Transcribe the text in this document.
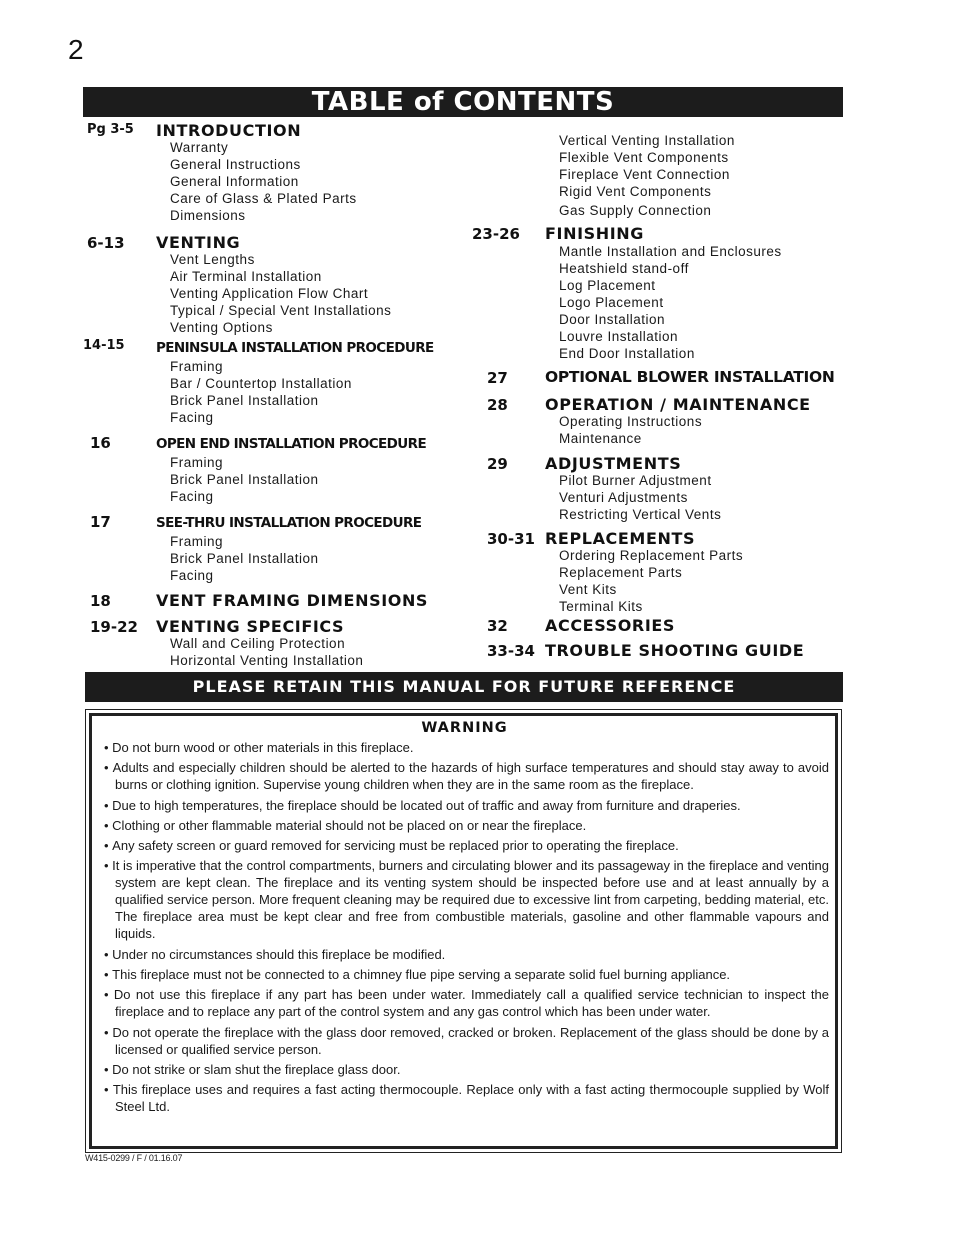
2
TABLE of CONTENTS
Pg 3-5 INTRODUCTION
Warranty
General Instructions
General Information
Care of Glass & Plated Parts
Dimensions
6-13 VENTING
Vent Lengths
Air Terminal Installation
Venting Application Flow Chart
Typical / Special Vent Installations
Venting Options
14-15 PENINSULA INSTALLATION PROCEDURE
Framing
Bar / Countertop Installation
Brick Panel Installation
Facing
16	OPEN END INSTALLATION PROCEDURE
Framing
Brick Panel Installation
Facing
17	SEE-THRU INSTALLATION PROCEDURE
Framing
Brick Panel Installation
Facing
18	VENT FRAMING DIMENSIONS
19-22 VENTING SPECIFICS
Wall and Ceiling Protection
Horizontal Venting Installation
Vertical Venting Installation
Flexible Vent Components
Fireplace Vent Connection
Rigid Vent Components
Gas Supply Connection
23-26 FINISHING
Mantle Installation and Enclosures
Heatshield stand-off
Log Placement
Logo Placement
Door Installation
Louvre Installation
End Door Installation
27 OPTIONAL BLOWER INSTALLATION
28 OPERATION / MAINTENANCE
Operating Instructions
Maintenance
29 ADJUSTMENTS
Pilot Burner Adjustment
Venturi Adjustments
Restricting Vertical Vents
30-31 REPLACEMENTS
Ordering Replacement Parts
Replacement Parts
Vent Kits
Terminal Kits
32 ACCESSORIES
33-34 TROUBLE SHOOTING GUIDE
PLEASE RETAIN THIS MANUAL FOR FUTURE REFERENCE
WARNING
• Do not burn wood or other materials in this fireplace.
• Adults and especially children should be alerted to the hazards of high surface temperatures and should stay away to avoid burns or clothing ignition. Supervise young children when they are in the same room as the fireplace.
• Due to high temperatures, the fireplace should be located out of traffic and away from furniture and draperies.
• Clothing or other flammable material should not be placed on or near the fireplace.
• Any safety screen or guard removed for servicing must be replaced prior to operating the fireplace.
• It is imperative that the control compartments, burners and circulating blower and its passageway in the fireplace and venting system are kept clean. The fireplace and its venting system should be inspected before use and at least annually by a qualified service person. More frequent cleaning may be required due to excessive lint from carpeting, bedding material, etc. The fireplace area must be kept clear and free from combustible materials, gasoline and other flammable vapours and liquids.
• Under no circumstances should this fireplace be modified.
• This fireplace must not be connected to a chimney flue pipe serving a separate solid fuel burning appliance.
• Do not use this fireplace if any part has been under water. Immediately call a qualified service technician to inspect the fireplace and to replace any part of the control system and any gas control which has been under water.
• Do not operate the fireplace with the glass door removed, cracked or broken. Replacement of the glass should be done by a licensed or qualified service person.
• Do not strike or slam shut the fireplace glass door.
• This fireplace uses and requires a fast acting thermocouple. Replace only with a fast acting thermocouple supplied by Wolf Steel Ltd.
W415-0299 / F / 01.16.07
